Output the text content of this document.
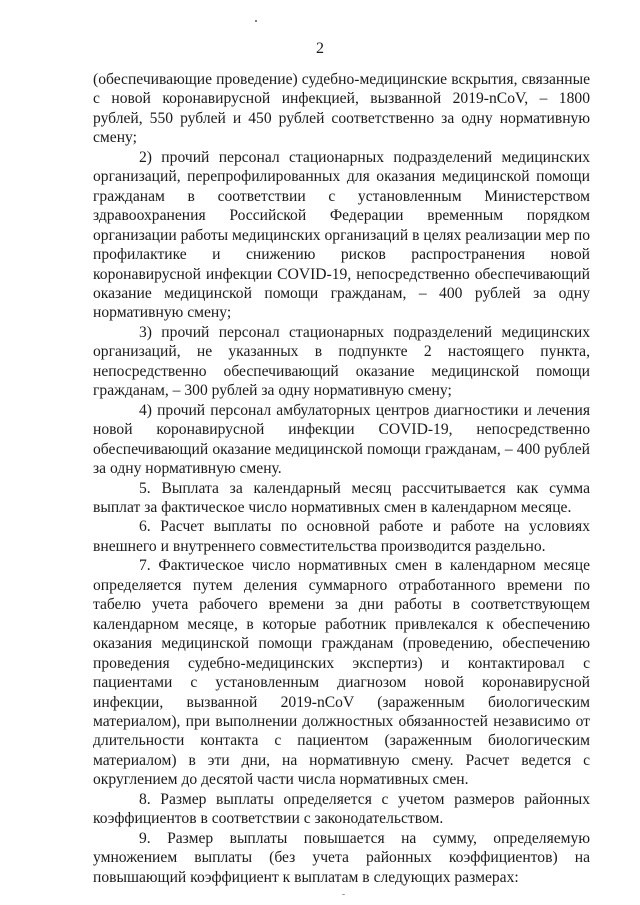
2

(обеспечивающие проведение) судебно-медицинские вскрытия, связанные с новой коронавирусной инфекцией, вызванной 2019-nCoV, – 1800 рублей, 550 рублей и 450 рублей соответственно за одну нормативную смену;

2) прочий персонал стационарных подразделений медицинских организаций, перепрофилированных для оказания медицинской помощи гражданам в соответствии с установленным Министерством здравоохранения Российской Федерации временным порядком организации работы медицинских организаций в целях реализации мер по профилактике и снижению рисков распространения новой коронавирусной инфекции COVID-19, непосредственно обеспечивающий оказание медицинской помощи гражданам, – 400 рублей за одну нормативную смену;

3) прочий персонал стационарных подразделений медицинских организаций, не указанных в подпункте 2 настоящего пункта, непосредственно обеспечивающий оказание медицинской помощи гражданам, – 300 рублей за одну нормативную смену;

4) прочий персонал амбулаторных центров диагностики и лечения новой коронавирусной инфекции COVID-19, непосредственно обеспечивающий оказание медицинской помощи гражданам, – 400 рублей за одну нормативную смену.

5. Выплата за календарный месяц рассчитывается как сумма выплат за фактическое число нормативных смен в календарном месяце.

6. Расчет выплаты по основной работе и работе на условиях внешнего и внутреннего совместительства производится раздельно.

7. Фактическое число нормативных смен в календарном месяце определяется путем деления суммарного отработанного времени по табелю учета рабочего времени за дни работы в соответствующем календарном месяце, в которые работник привлекался к обеспечению оказания медицинской помощи гражданам (проведению, обеспечению проведения судебно-медицинских экспертиз) и контактировал с пациентами с установленным диагнозом новой коронавирусной инфекции, вызванной 2019-nCoV (зараженным биологическим материалом), при выполнении должностных обязанностей независимо от длительности контакта с пациентом (зараженным биологическим материалом) в эти дни, на нормативную смену. Расчет ведется с округлением до десятой части числа нормативных смен.

8. Размер выплаты определяется с учетом размеров районных коэффициентов в соответствии с законодательством.

9. Размер выплаты повышается на сумму, определяемую умножением выплаты (без учета районных коэффициентов) на повышающий коэффициент к выплатам в следующих размерах:
